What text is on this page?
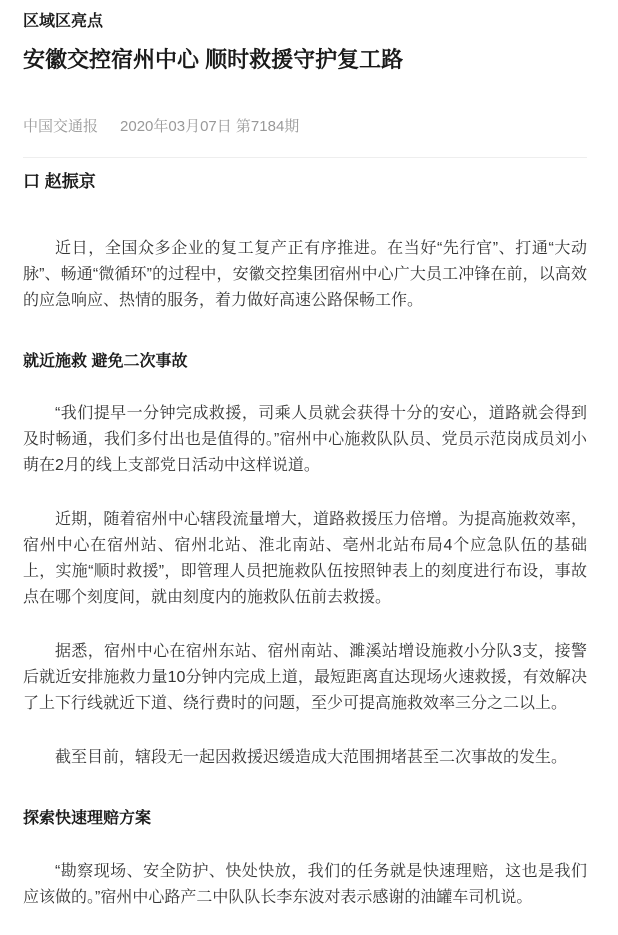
区域区亮点
安徽交控宿州中心 顺时救援守护复工路
中国交通报 2020年03月07日 第7184期
口 赵振京

近日，全国众多企业的复工复产正有序推进。在当好“先行官”、打通“大动脉”、畅通“微循环”的过程中，安徽交控集团宿州中心广大员工冲锋在前，以高效的应急响应、热情的服务，着力做好高速公路保畅工作。

就近施救 避免二次事故

“我们提早一分钟完成救援，司乘人员就会获得十分的安心，道路就会得到及时畅通，我们多付出也是值得的。”宿州中心施救队队员、党员示范岗成员刘小萌在2月的线上支部党日活动中这样说道。

近期，随着宿州中心辖段流量增大，道路救援压力倍增。为提高施救效率，宿州中心在宿州站、宿州北站、淮北南站、亳州北站布局4个应急队伍的基础上，实施“顺时救援”，即管理人员把施救队伍按照钟表上的刻度进行布设，事故点在哪个刻度间，就由刻度内的施救队伍前去救援。

据悉，宿州中心在宿州东站、宿州南站、濉溪站增设施救小分队3支，接警后就近安排施救力量10分钟内完成上道，最短距离直达现场火速救援，有效解决了上下行线就近下道、绕行费时的问题，至少可提高施救效率三分之二以上。

截至目前，辖段无一起因救援迟缓造成大范围拥堵甚至二次事故的发生。

探索快速理赔方案

“勘察现场、安全防护、快处快放，我们的任务就是快速理赔，这也是我们应该做的。”宿州中心路产二中队队长李东波对表示感谢的油罐车司机说。
